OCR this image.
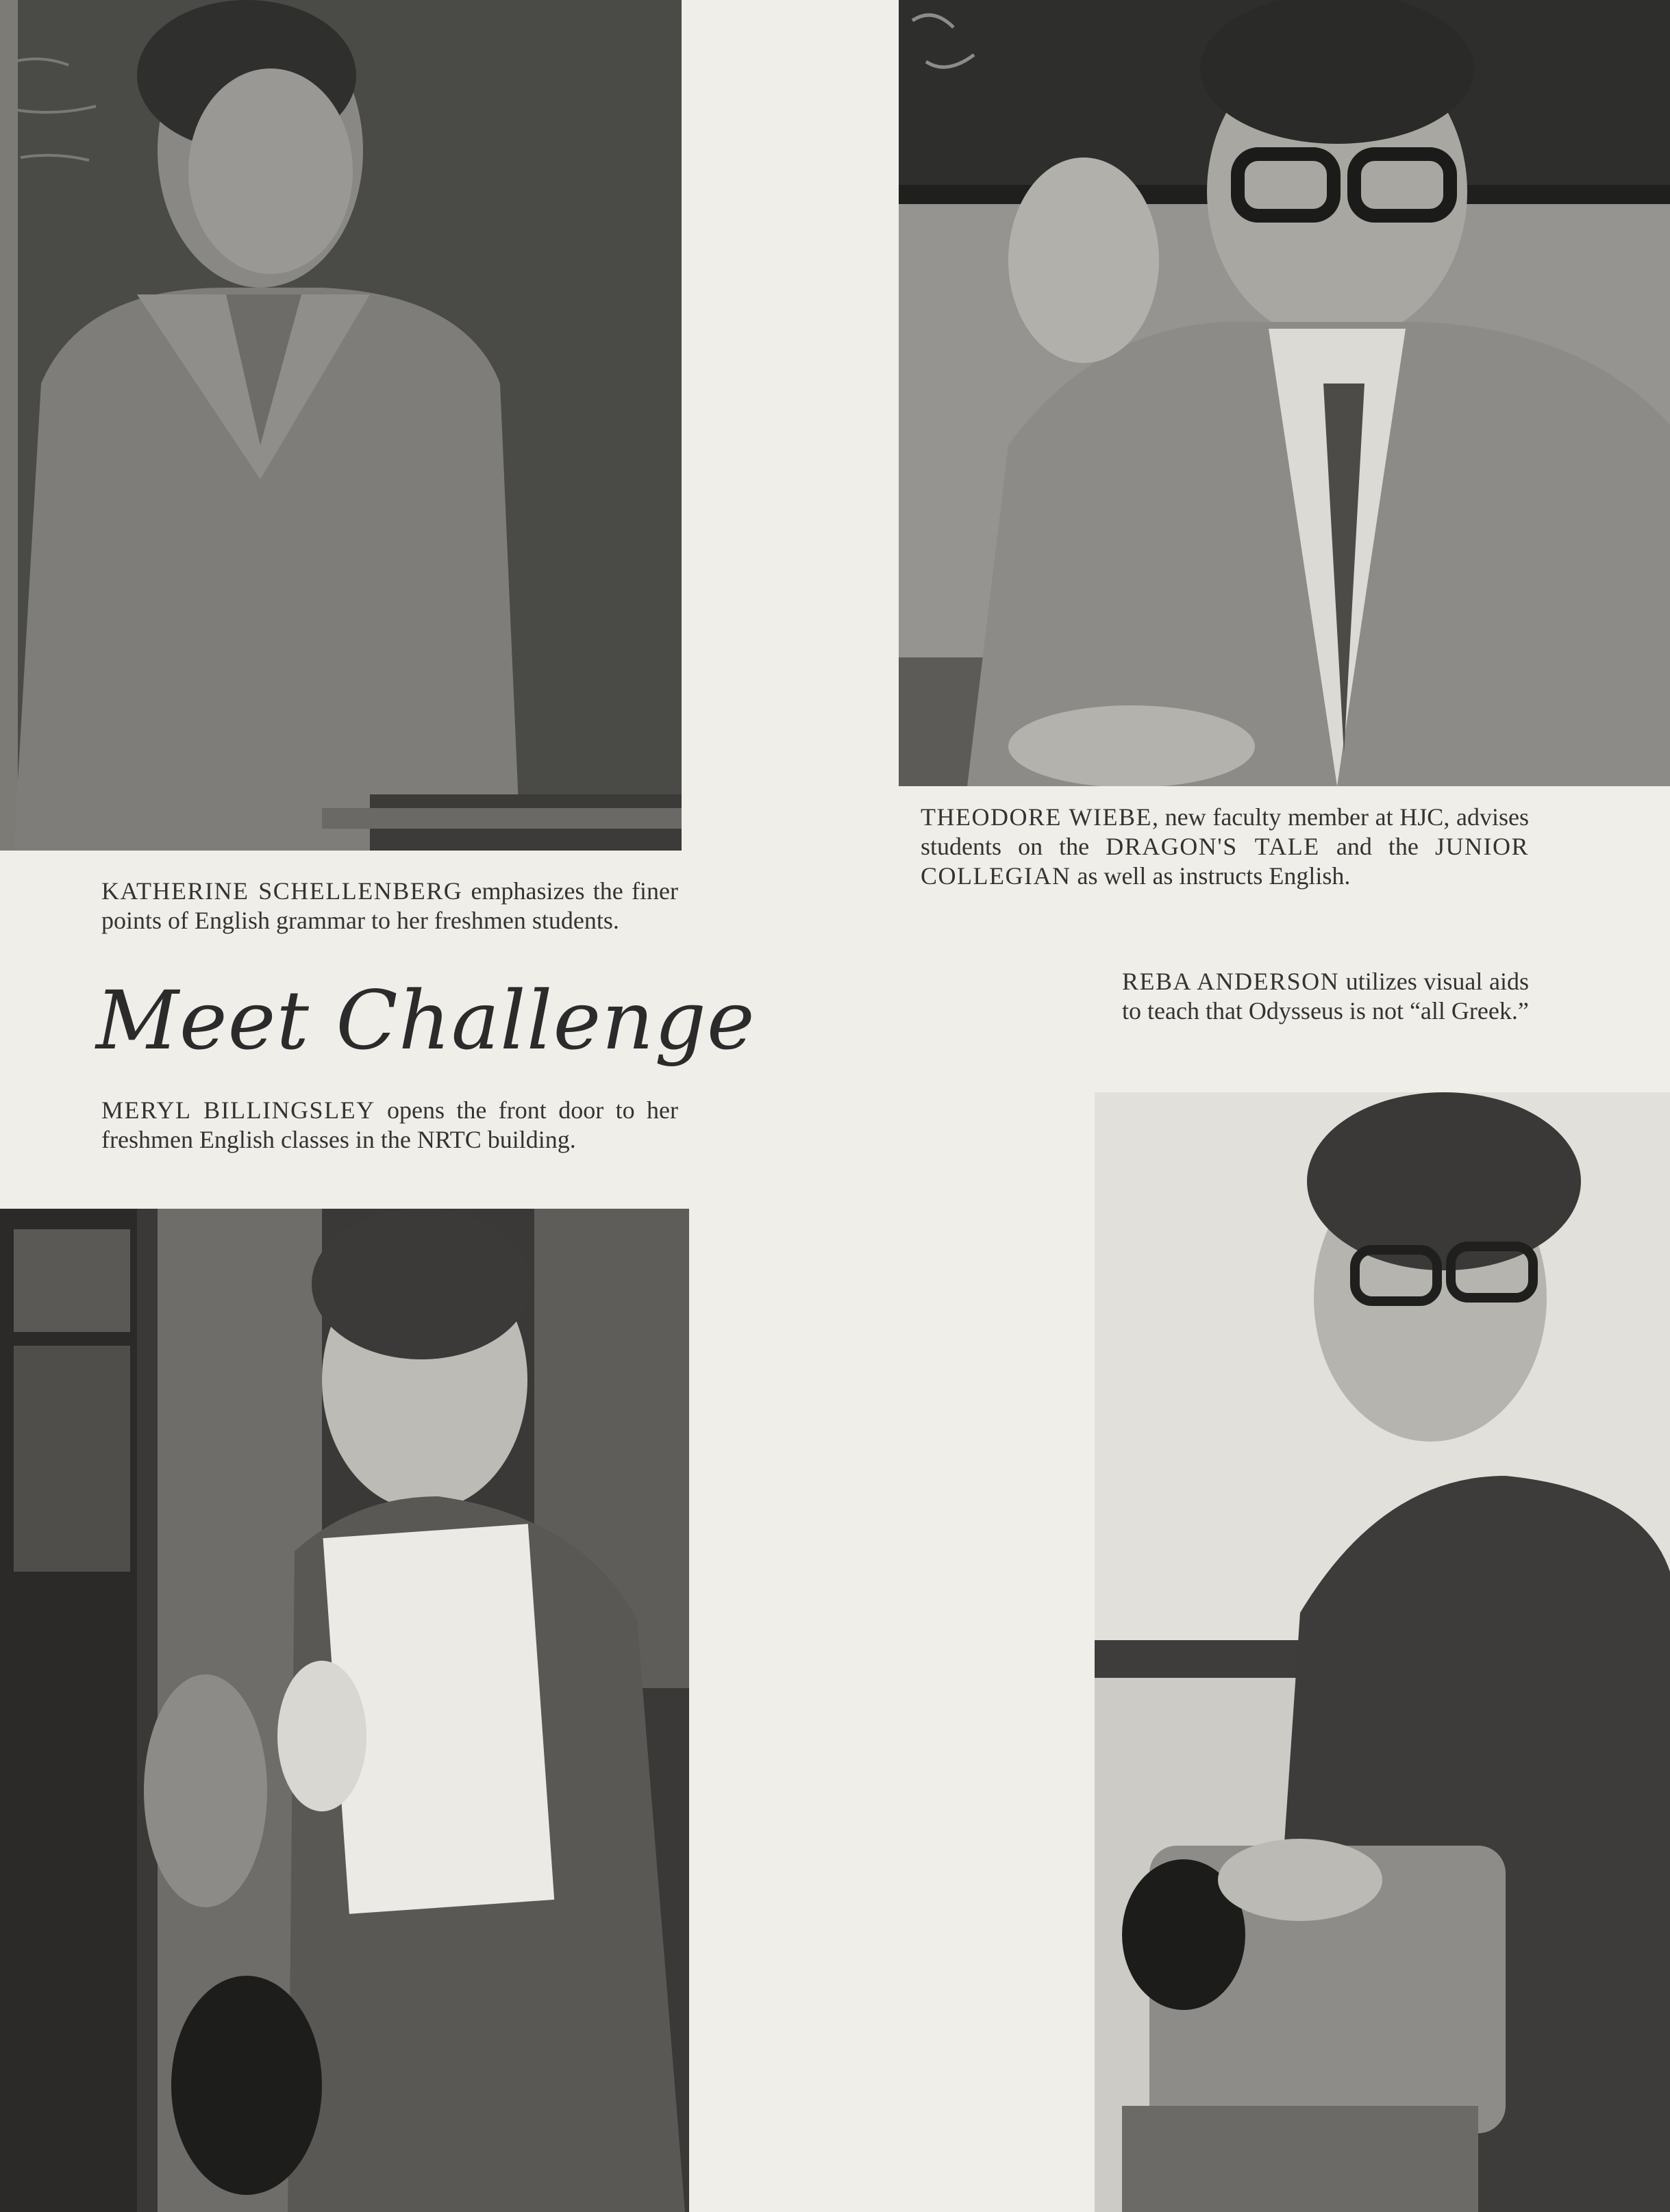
KATHERINE SCHELLENBERG emphasizes the finer points of English grammar to her freshmen students.
Meet Challenge
MERYL BILLINGSLEY opens the front door to her freshmen English classes in the NRTC building.
THEODORE WIEBE, new faculty member at HJC, advises students on the DRAGON'S TALE and the JUNIOR COLLEGIAN as well as instructs English.
REBA ANDERSON utilizes visual aids to teach that Odysseus is not “all Greek.”
